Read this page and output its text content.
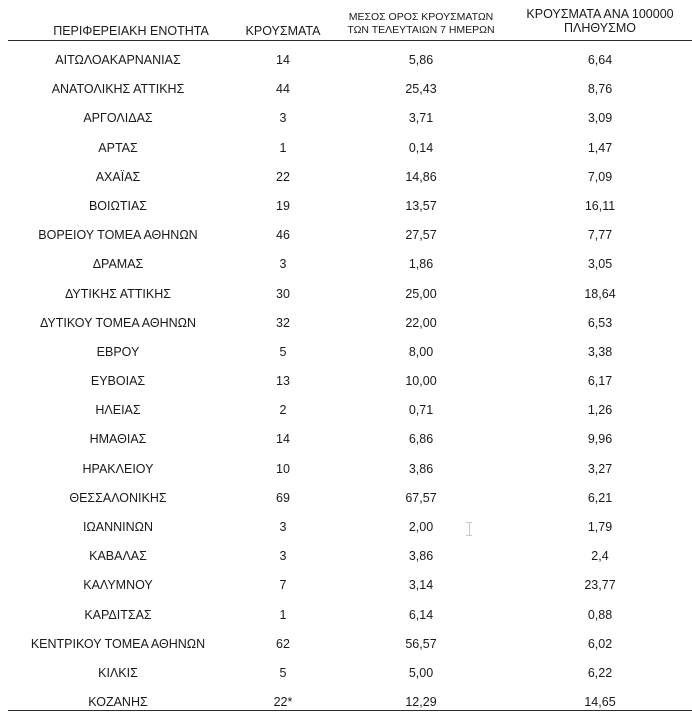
ΠΕΡΙΦΕΡΕΙΑΚΗ ΕΝΟΤΗΤΑ	ΚΡΟΥΣΜΑΤΑ
ΜΕΣΟΣ ΟΡΟΣ ΚΡΟΥΣΜΑΤΩΝ
ΤΩΝ ΤΕΛΕΥΤΑΙΩΝ 7 ΗΜΕΡΩΝ
ΚΡΟΥΣΜΑΤΑ ΑΝΑ 100000
ΠΛΗΘΥΣΜΟ
ΑΙΤΩΛΟΑΚΑΡΝΑΝΙΑΣ	14	5,86	6,64
ΑΝΑΤΟΛΙΚΗΣ ΑΤΤΙΚΗΣ	44	25,43	8,76
ΑΡΓΟΛΙΔΑΣ	3	3,71	3,09
ΑΡΤΑΣ	1	0,14	1,47
ΑΧΑΪΑΣ	22	14,86	7,09
ΒΟΙΩΤΙΑΣ	19	13,57	16,11
ΒΟΡΕΙΟΥ ΤΟΜΕΑ ΑΘΗΝΩΝ	46	27,57	7,77
ΔΡΑΜΑΣ	3	1,86	3,05
ΔΥΤΙΚΗΣ ΑΤΤΙΚΗΣ	30	25,00	18,64
ΔΥΤΙΚΟΥ ΤΟΜΕΑ ΑΘΗΝΩΝ	32	22,00	6,53
ΕΒΡΟΥ	5	8,00	3,38
ΕΥΒΟΙΑΣ	13	10,00	6,17
ΗΛΕΙΑΣ	2	0,71	1,26
ΗΜΑΘΙΑΣ	14	6,86	9,96
ΗΡΑΚΛΕΙΟΥ	10	3,86	3,27
ΘΕΣΣΑΛΟΝΙΚΗΣ	69	67,57	6,21
ΙΩΑΝΝΙΝΩΝ	3	2,00	1,79
ΚΑΒΑΛΑΣ	3	3,86	2,4
ΚΑΛΥΜΝΟΥ	7	3,14	23,77
ΚΑΡΔΙΤΣΑΣ	1	6,14	0,88
ΚΕΝΤΡΙΚΟΥ ΤΟΜΕΑ ΑΘΗΝΩΝ	62	56,57	6,02
ΚΙΛΚΙΣ	5	5,00	6,22
ΚΟΖΑΝΗΣ	22*	12,29	14,65
